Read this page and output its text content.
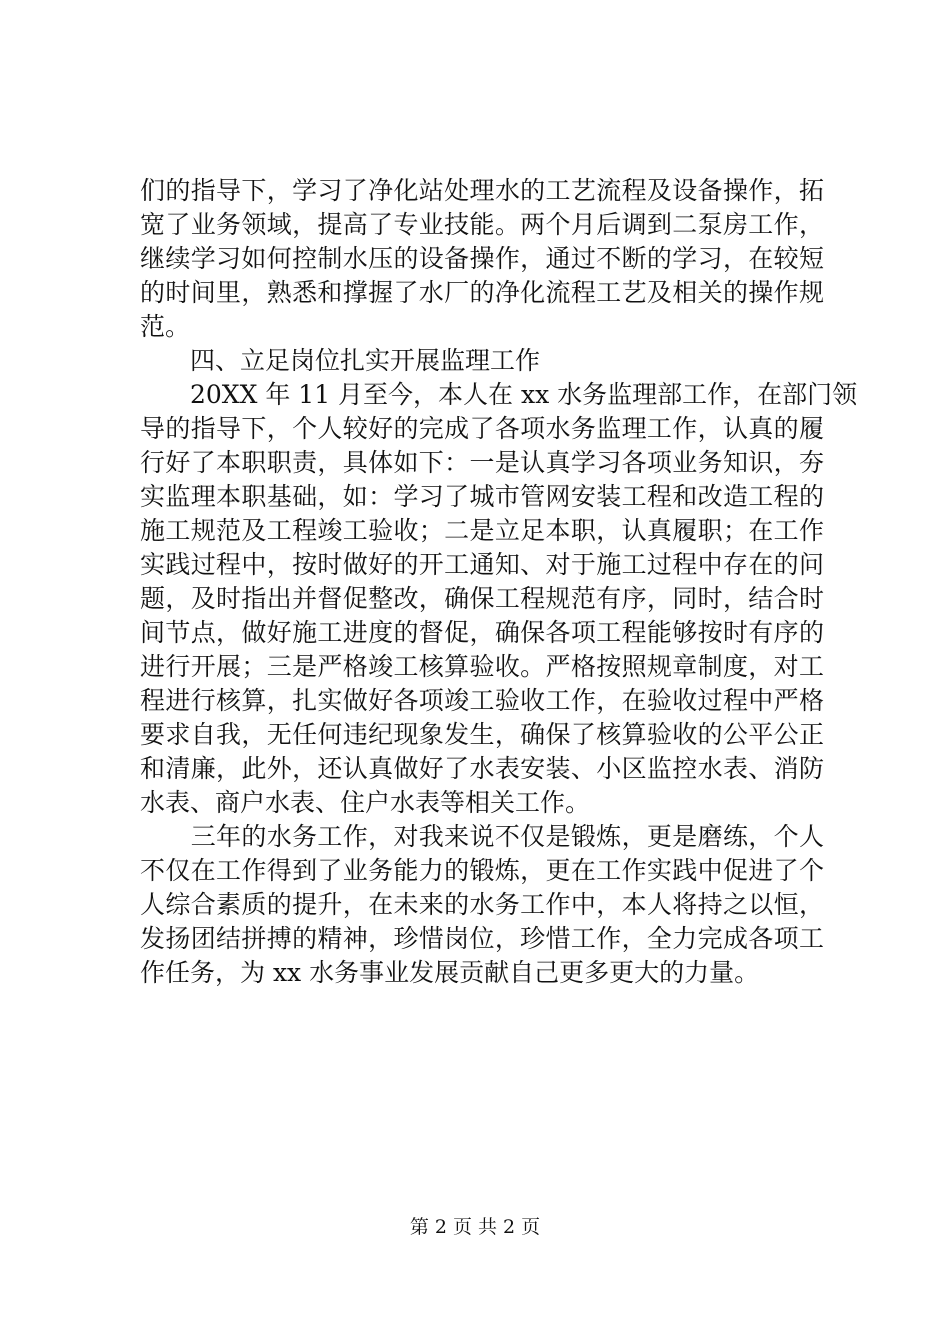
们的指导下，学习了净化站处理水的工艺流程及设备操作，拓
宽了业务领域，提高了专业技能。两个月后调到二泵房工作，
继续学习如何控制水压的设备操作，通过不断的学习，在较短
的时间里，熟悉和撑握了水厂的净化流程工艺及相关的操作规
范。
　　四、立足岗位扎实开展监理工作
　　20XX 年 11 月至今，本人在 xx 水务监理部工作，在部门领
导的指导下，个人较好的完成了各项水务监理工作，认真的履
行好了本职职责，具体如下：一是认真学习各项业务知识，夯
实监理本职基础，如：学习了城市管网安装工程和改造工程的
施工规范及工程竣工验收；二是立足本职，认真履职；在工作
实践过程中，按时做好的开工通知、对于施工过程中存在的问
题，及时指出并督促整改，确保工程规范有序，同时，结合时
间节点，做好施工进度的督促，确保各项工程能够按时有序的
进行开展；三是严格竣工核算验收。严格按照规章制度，对工
程进行核算，扎实做好各项竣工验收工作，在验收过程中严格
要求自我，无任何违纪现象发生，确保了核算验收的公平公正
和清廉，此外，还认真做好了水表安装、小区监控水表、消防
水表、商户水表、住户水表等相关工作。
　　三年的水务工作，对我来说不仅是锻炼，更是磨练，个人
不仅在工作得到了业务能力的锻炼，更在工作实践中促进了个
人综合素质的提升，在未来的水务工作中，本人将持之以恒，
发扬团结拼搏的精神，珍惜岗位，珍惜工作，全力完成各项工
作任务，为 xx 水务事业发展贡献自己更多更大的力量。
第 2 页 共 2 页
